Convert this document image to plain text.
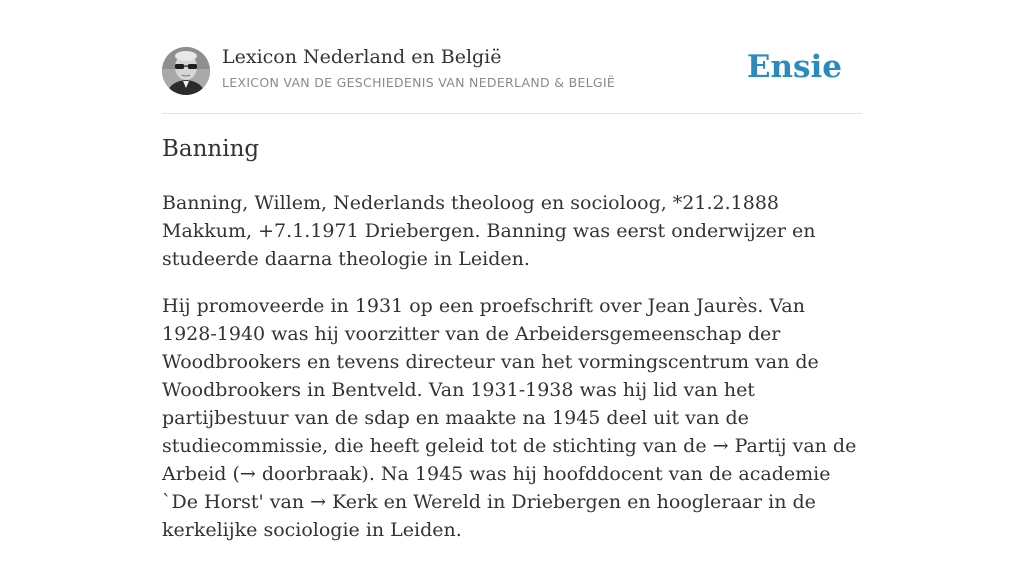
Lexicon Nederland en België
LEXICON VAN DE GESCHIEDENIS VAN NEDERLAND & BELGIË	Ensie
Banning

Banning, Willem, Nederlands theoloog en socioloog, *21.2.1888 Makkum, +7.1.1971 Driebergen. Banning was eerst onderwijzer en studeerde daarna theologie in Leiden.

Hij promoveerde in 1931 op een proefschrift over Jean Jaurès. Van 1928-1940 was hij voorzitter van de Arbeidersgemeenschap der Woodbrookers en tevens directeur van het vormingscentrum van de Woodbrookers in Bentveld. Van 1931-1938 was hij lid van het partijbestuur van de sdap en maakte na 1945 deel uit van de studiecommissie, die heeft geleid tot de stichting van de → Partij van de Arbeid (→ doorbraak). Na 1945 was hij hoofddocent van de academie `De Horst' van → Kerk en Wereld in Driebergen en hoogleraar in de kerkelijke sociologie in Leiden.
